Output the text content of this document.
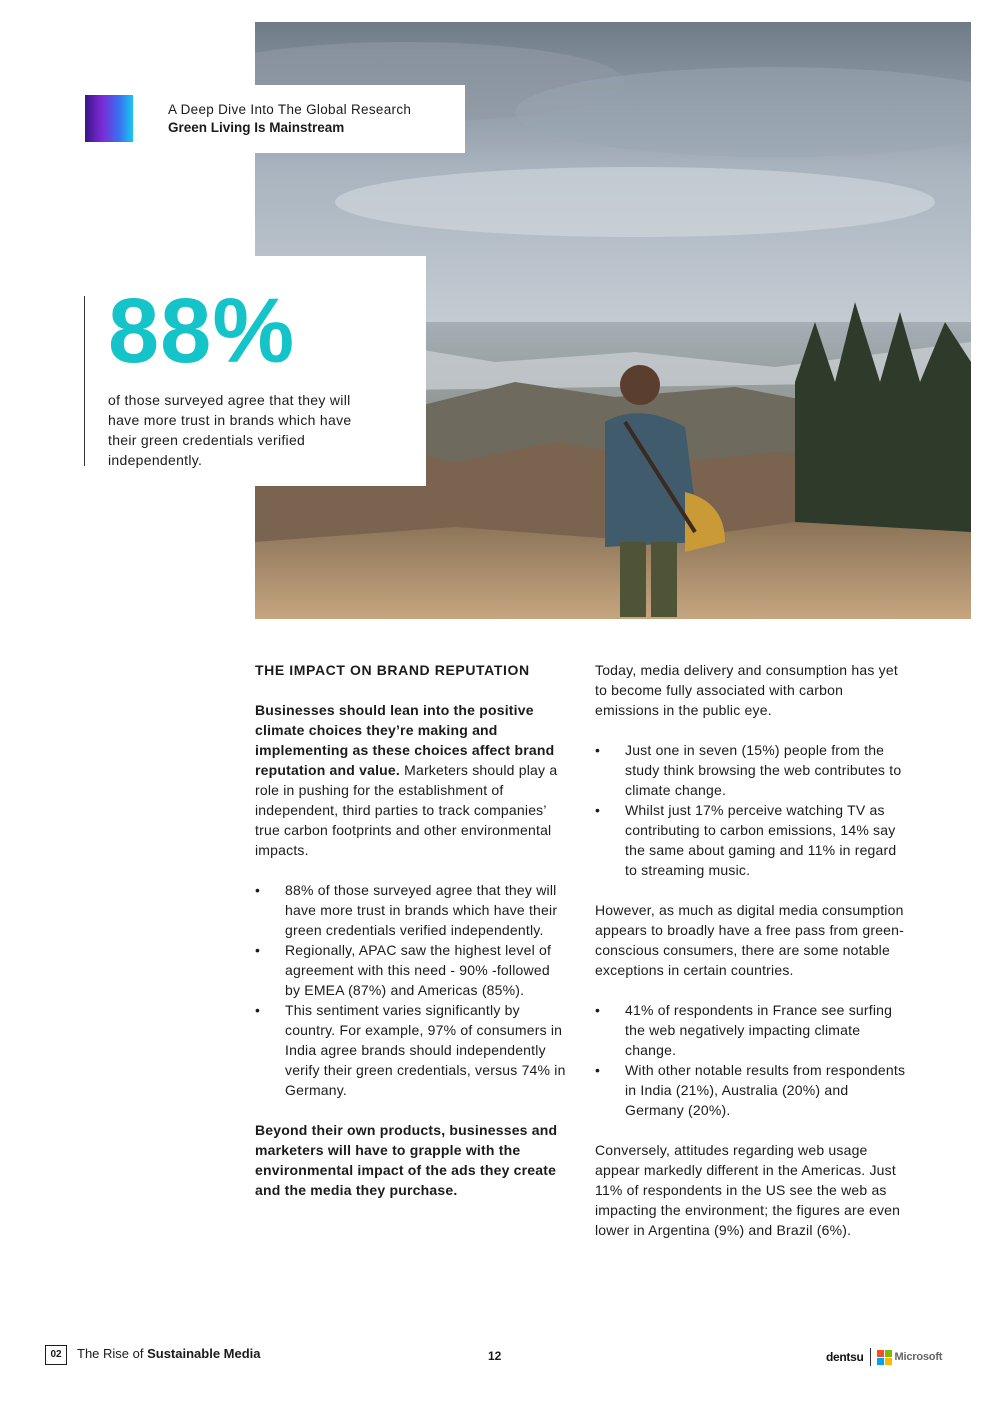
A Deep Dive Into The Global Research
Green Living Is Mainstream
88%
of those surveyed agree that they will have more trust in brands which have their green credentials verified independently.
THE IMPACT ON BRAND REPUTATION

Businesses should lean into the positive climate choices they’re making and implementing as these choices affect brand reputation and value. Marketers should play a role in pushing for the establishment of independent, third parties to track companies’ true carbon footprints and other environmental impacts.

• 88% of those surveyed agree that they will have more trust in brands which have their green credentials verified independently.
• Regionally, APAC saw the highest level of agreement with this need - 90% -followed by EMEA (87%) and Americas (85%).
• This sentiment varies significantly by country. For example, 97% of consumers in India agree brands should independently verify their green credentials, versus 74% in Germany.

Beyond their own products, businesses and marketers will have to grapple with the environmental impact of the ads they create and the media they purchase.

Today, media delivery and consumption has yet to become fully associated with carbon emissions in the public eye.

• Just one in seven (15%) people from the study think browsing the web contributes to climate change.
• Whilst just 17% perceive watching TV as contributing to carbon emissions, 14% say the same about gaming and 11% in regard to streaming music.

However, as much as digital media consumption appears to broadly have a free pass from green-conscious consumers, there are some notable exceptions in certain countries.

• 41% of respondents in France see surfing the web negatively impacting climate change.
• With other notable results from respondents in India (21%), Australia (20%) and Germany (20%).

Conversely, attitudes regarding web usage appear markedly different in the Americas. Just 11% of respondents in the US see the web as impacting the environment; the figures are even lower in Argentina (9%) and Brazil (6%).

02	The Rise of Sustainable Media	12	dentsu	Microsoft
